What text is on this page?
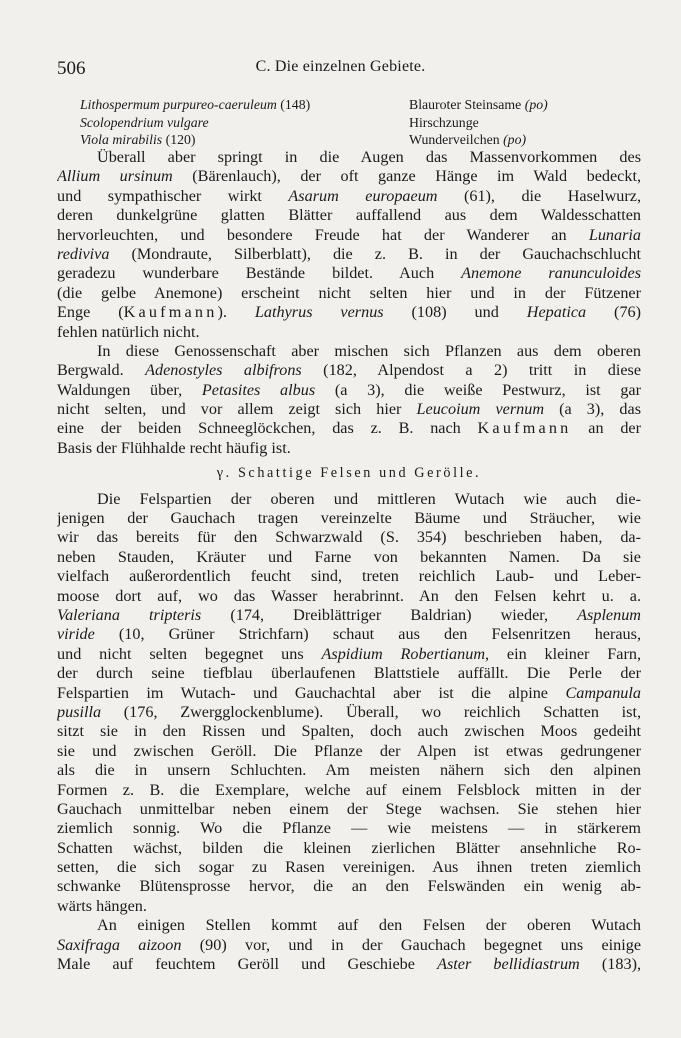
506	C. Die einzelnen Gebiete.
Lithospermum purpureo-caeruleum (148)	Blauroter Steinsame (po)
Scolopendrium vulgare	Hirschzunge
Viola mirabilis (120)	Wunderveilchen (po)
Überall aber springt in die Augen das Massenvorkommen des
Allium ursinum (Bärenlauch), der oft ganze Hänge im Wald bedeckt,
und sympathischer wirkt Asarum europaeum (61), die Haselwurz,
deren dunkelgrüne glatten Blätter auffallend aus dem Waldesschatten
hervorleuchten, und besondere Freude hat der Wanderer an Lunaria
rediviva (Mondraute, Silberblatt), die z. B. in der Gauchachschlucht
geradezu wunderbare Bestände bildet. Auch Anemone ranunculoides
(die gelbe Anemone) erscheint nicht selten hier und in der Fützener
Enge (Kaufmann). Lathyrus vernus (108) und Hepatica (76)
fehlen natürlich nicht.
In diese Genossenschaft aber mischen sich Pflanzen aus dem oberen
Bergwald. Adenostyles albifrons (182, Alpendost a 2) tritt in diese
Waldungen über, Petasites albus (a 3), die weiße Pestwurz, ist gar
nicht selten, und vor allem zeigt sich hier Leucoium vernum (a 3), das
eine der beiden Schneeglöckchen, das z. B. nach Kaufmann an der
Basis der Flühhalde recht häufig ist.
γ. Schattige Felsen und Gerölle.
Die Felspartien der oberen und mittleren Wutach wie auch die-
jenigen der Gauchach tragen vereinzelte Bäume und Sträucher, wie
wir das bereits für den Schwarzwald (S. 354) beschrieben haben, da-
neben Stauden, Kräuter und Farne von bekannten Namen. Da sie
vielfach außerordentlich feucht sind, treten reichlich Laub- und Leber-
moose dort auf, wo das Wasser herabrinnt. An den Felsen kehrt u. a.
Valeriana tripteris (174, Dreiblättriger Baldrian) wieder, Asplenum
viride (10, Grüner Strichfarn) schaut aus den Felsenritzen heraus,
und nicht selten begegnet uns Aspidium Robertianum, ein kleiner Farn,
der durch seine tiefblau überlaufenen Blattstiele auffällt. Die Perle der
Felspartien im Wutach- und Gauchachtal aber ist die alpine Campanula
pusilla (176, Zwergglockenblume). Überall, wo reichlich Schatten ist,
sitzt sie in den Rissen und Spalten, doch auch zwischen Moos gedeiht
sie und zwischen Geröll. Die Pflanze der Alpen ist etwas gedrungener
als die in unsern Schluchten. Am meisten nähern sich den alpinen
Formen z. B. die Exemplare, welche auf einem Felsblock mitten in der
Gauchach unmittelbar neben einem der Stege wachsen. Sie stehen hier
ziemlich sonnig. Wo die Pflanze — wie meistens — in stärkerem
Schatten wächst, bilden die kleinen zierlichen Blätter ansehnliche Ro-
setten, die sich sogar zu Rasen vereinigen. Aus ihnen treten ziemlich
schwanke Blütensprosse hervor, die an den Felswänden ein wenig ab-
wärts hängen.
An einigen Stellen kommt auf den Felsen der oberen Wutach
Saxifraga aizoon (90) vor, und in der Gauchach begegnet uns einige
Male auf feuchtem Geröll und Geschiebe Aster bellidiastrum (183),
